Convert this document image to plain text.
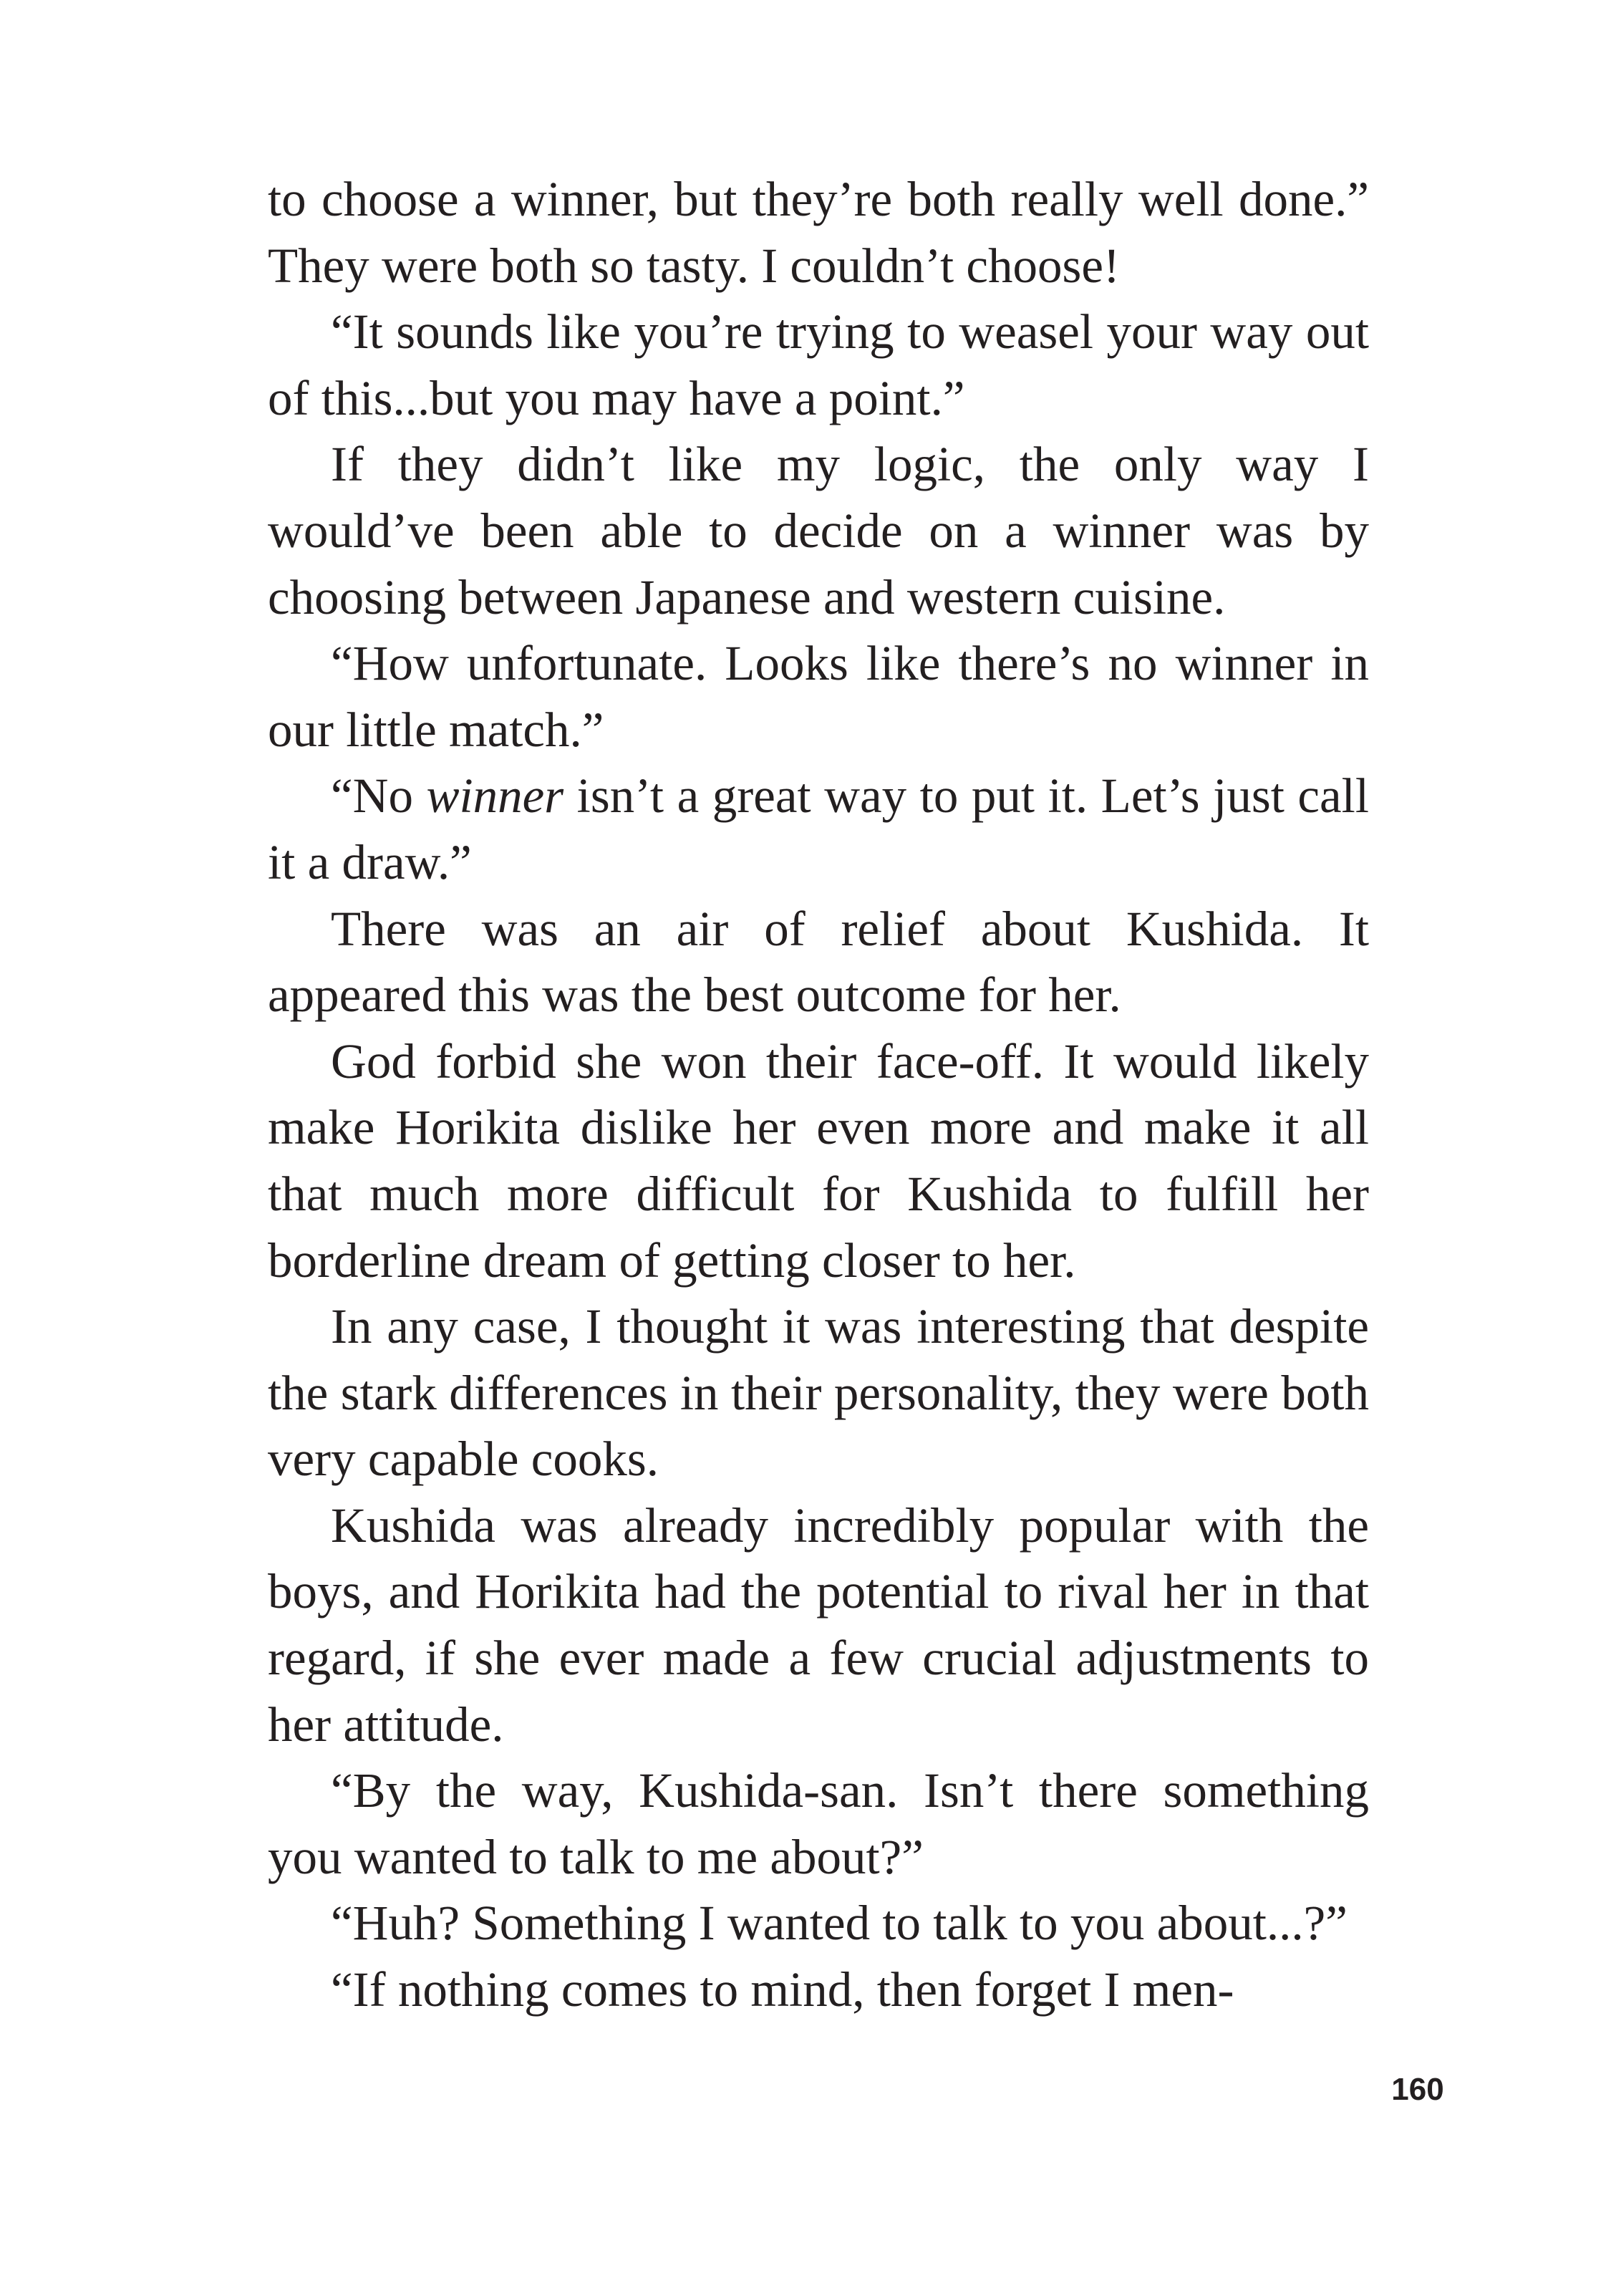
to choose a winner, but they’re both really well done.” They were both so tasty. I couldn’t choose!

“It sounds like you’re trying to weasel your way out of this...but you may have a point.”

If they didn’t like my logic, the only way I would’ve been able to decide on a winner was by choosing between Japanese and western cuisine.

“How unfortunate. Looks like there’s no winner in our little match.”

“No winner isn’t a great way to put it. Let’s just call it a draw.”

There was an air of relief about Kushida. It appeared this was the best outcome for her.

God forbid she won their face-off. It would likely make Horikita dislike her even more and make it all that much more difficult for Kushida to fulfill her borderline dream of getting closer to her.

In any case, I thought it was interesting that despite the stark differences in their personality, they were both very capable cooks.

Kushida was already incredibly popular with the boys, and Horikita had the potential to rival her in that regard, if she ever made a few crucial adjustments to her attitude.

“By the way, Kushida-san. Isn’t there something you wanted to talk to me about?”

“Huh? Something I wanted to talk to you about...?”

“If nothing comes to mind, then forget I men-

160
